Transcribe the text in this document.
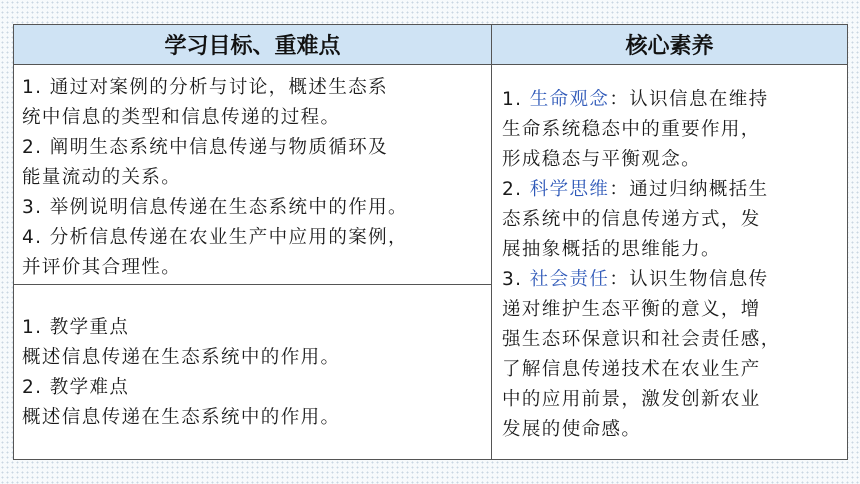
学习目标、重难点	核心素养
1. 通过对案例的分析与讨论，概述生态系
统中信息的类型和信息传递的过程。
2. 阐明生态系统中信息传递与物质循环及
能量流动的关系。
3. 举例说明信息传递在生态系统中的作用。
4. 分析信息传递在农业生产中应用的案例，
并评价其合理性。
1. 教学重点
概述信息传递在生态系统中的作用。
2. 教学难点
概述信息传递在生态系统中的作用。
1. 生命观念：认识信息在维持
生命系统稳态中的重要作用，
形成稳态与平衡观念。
2. 科学思维：通过归纳概括生
态系统中的信息传递方式，发
展抽象概括的思维能力。
3. 社会责任：认识生物信息传
递对维护生态平衡的意义，增
强生态环保意识和社会责任感，
了解信息传递技术在农业生产
中的应用前景，激发创新农业
发展的使命感。
